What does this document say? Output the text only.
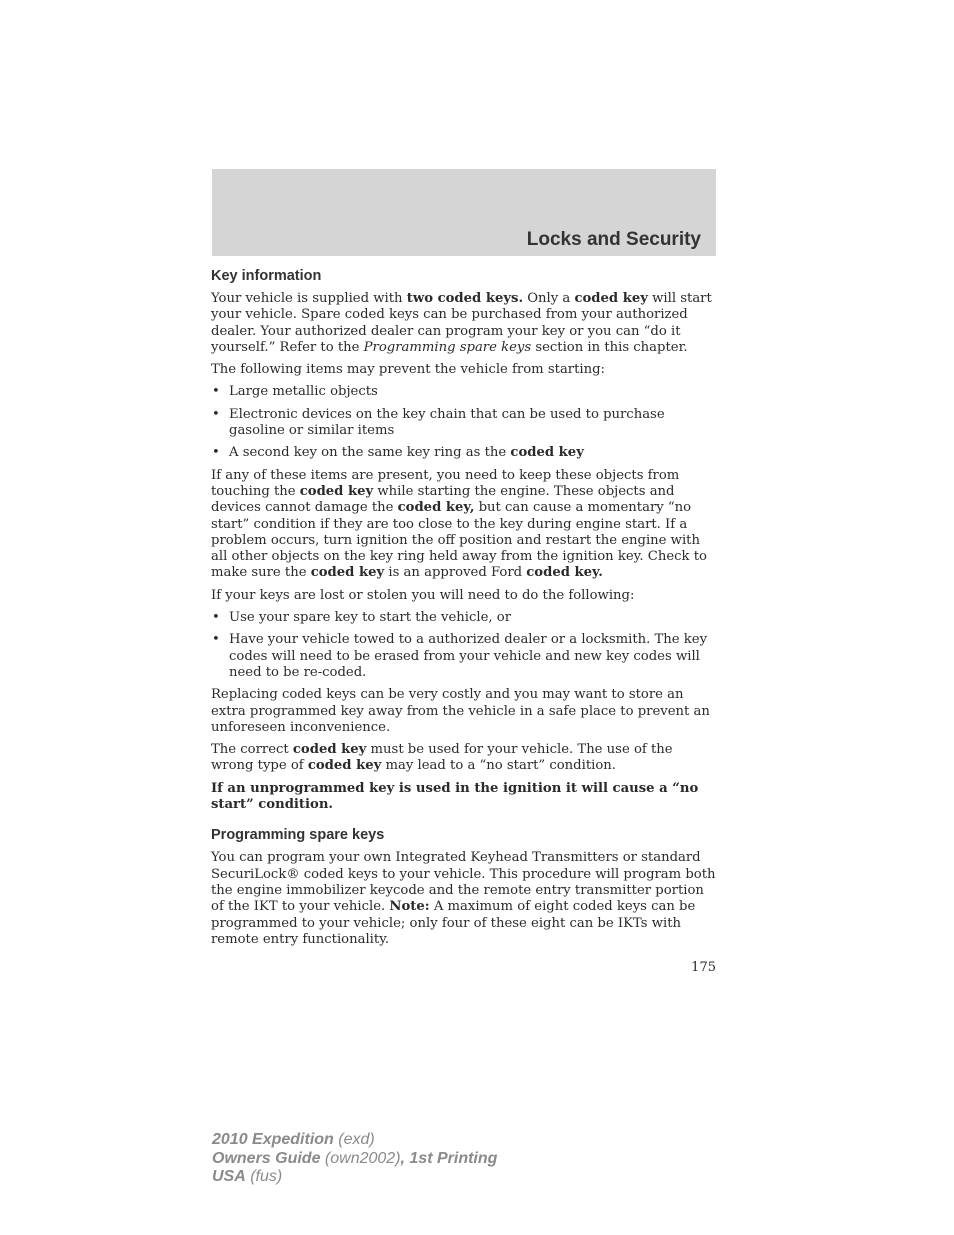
Locks and Security
Key information

Your vehicle is supplied with two coded keys. Only a coded key will start your vehicle. Spare coded keys can be purchased from your authorized dealer. Your authorized dealer can program your key or you can “do it yourself.” Refer to the Programming spare keys section in this chapter.

The following items may prevent the vehicle from starting:

• Large metallic objects
• Electronic devices on the key chain that can be used to purchase gasoline or similar items
• A second key on the same key ring as the coded key

If any of these items are present, you need to keep these objects from touching the coded key while starting the engine. These objects and devices cannot damage the coded key, but can cause a momentary “no start” condition if they are too close to the key during engine start. If a problem occurs, turn ignition the off position and restart the engine with all other objects on the key ring held away from the ignition key. Check to make sure the coded key is an approved Ford coded key.

If your keys are lost or stolen you will need to do the following:

• Use your spare key to start the vehicle, or
• Have your vehicle towed to a authorized dealer or a locksmith. The key codes will need to be erased from your vehicle and new key codes will need to be re-coded.

Replacing coded keys can be very costly and you may want to store an extra programmed key away from the vehicle in a safe place to prevent an unforeseen inconvenience.

The correct coded key must be used for your vehicle. The use of the wrong type of coded key may lead to a “no start” condition.

If an unprogrammed key is used in the ignition it will cause a “no start” condition.

Programming spare keys

You can program your own Integrated Keyhead Transmitters or standard SecuriLock® coded keys to your vehicle. This procedure will program both the engine immobilizer keycode and the remote entry transmitter portion of the IKT to your vehicle. Note: A maximum of eight coded keys can be programmed to your vehicle; only four of these eight can be IKTs with remote entry functionality.

175
2010 Expedition (exd)
Owners Guide (own2002), 1st Printing
USA (fus)
